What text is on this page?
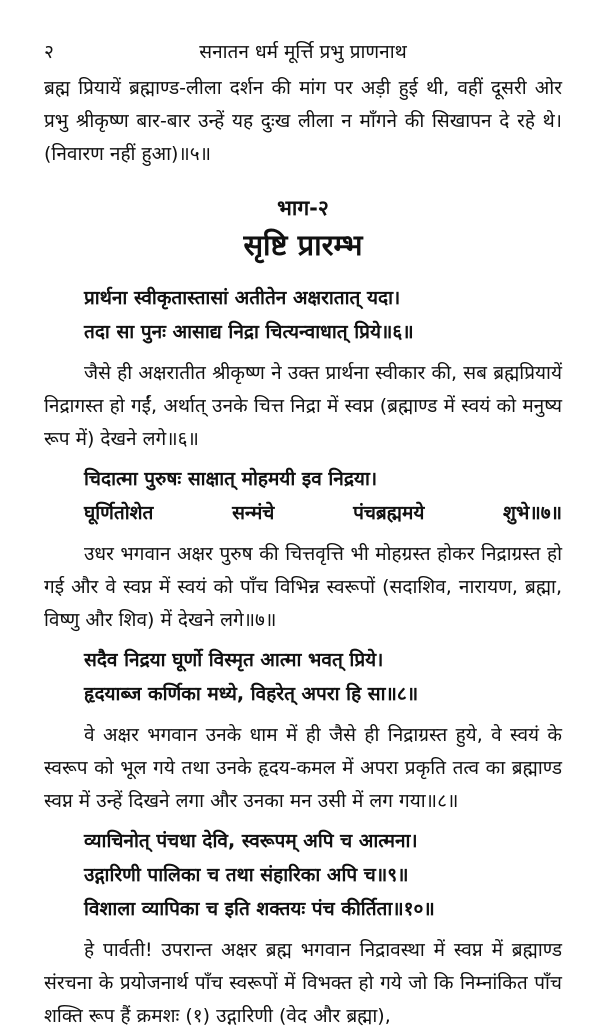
२	सनातन धर्म मूर्त्ति प्रभु प्राणनाथ

ब्रह्म प्रियायें ब्रह्माण्ड-लीला दर्शन की मांग पर अड़ी हुई थी, वहीं दूसरी ओर प्रभु श्रीकृष्ण बार-बार उन्हें यह दुःख लीला न माँगने की सिखापन दे रहे थे। (निवारण नहीं हुआ)॥५॥

भाग-२
सृष्टि प्रारम्भ
प्रार्थना स्वीकृतास्तासां अतीतेन अक्षरातात् यदा।
तदा सा पुनः आसाद्य निद्रा चित्यन्वाधात् प्रिये॥६॥

जैसे ही अक्षरातीत श्रीकृष्ण ने उक्त प्रार्थना स्वीकार की, सब ब्रह्मप्रियायें निद्रागस्त हो गईं, अर्थात् उनके चित्त निद्रा में स्वप्न (ब्रह्माण्ड में स्वयं को मनुष्य रूप में) देखने लगे॥६॥

चिदात्मा पुरुषः साक्षात् मोहमयी इव निद्रया।
घूर्णितोशेत	सन्मंचे	पंचब्रह्ममये	शुभे॥७॥

उधर भगवान अक्षर पुरुष की चित्तवृत्ति भी मोहग्रस्त होकर निद्राग्रस्त हो गई और वे स्वप्न में स्वयं को पाँच विभिन्न स्वरूपों (सदाशिव, नारायण, ब्रह्मा, विष्णु और शिव) में देखने लगे॥७॥

सदैव निद्रया घूर्णो विस्मृत आत्मा भवत् प्रिये।
हृदयाब्ज कर्णिका मध्ये, विहरेत् अपरा हि सा॥८॥

वे अक्षर भगवान उनके धाम में ही जैसे ही निद्राग्रस्त हुये, वे स्वयं के स्वरूप को भूल गये तथा उनके हृदय-कमल में अपरा प्रकृति तत्व का ब्रह्माण्ड स्वप्न में उन्हें दिखने लगा और उनका मन उसी में लग गया॥८॥

व्याचिनोत् पंचधा देवि, स्वरूपम् अपि च आत्मना।
उद्गारिणी पालिका च तथा संहारिका अपि च॥९॥
विशाला व्यापिका च इति शक्तयः पंच कीर्तिता॥१०॥

हे पार्वती! उपरान्त अक्षर ब्रह्म भगवान निद्रावस्था में स्वप्न में ब्रह्माण्ड संरचना के प्रयोजनार्थ पाँच स्वरूपों में विभक्त हो गये जो कि निम्नांकित पाँच शक्ति रूप हैं क्रमशः (१) उद्गारिणी (वेद और ब्रह्मा),
